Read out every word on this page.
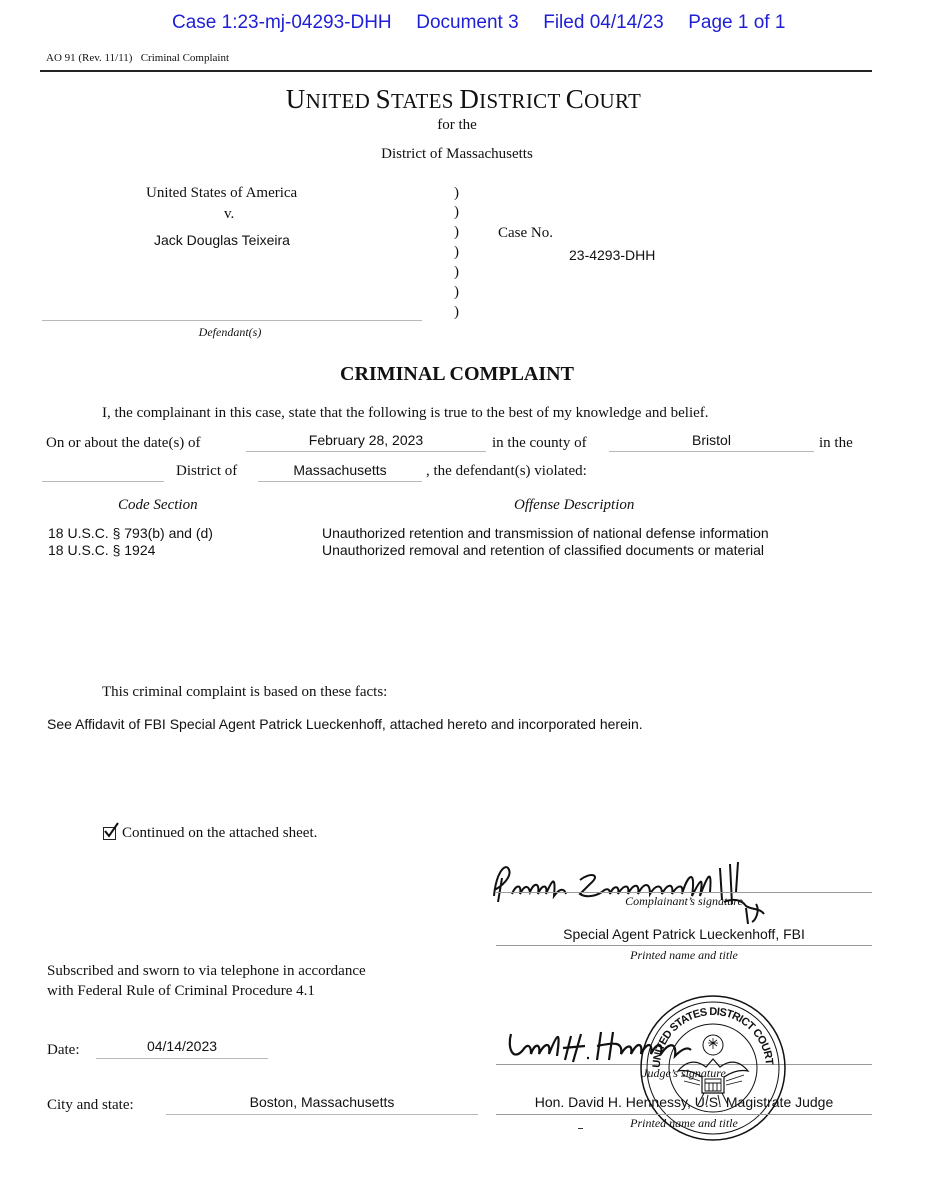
Case 1:23-mj-04293-DHH Document 3 Filed 04/14/23 Page 1 of 1
AO 91 (Rev. 11/11)   Criminal Complaint
UNITED STATES DISTRICT COURT
for the
District of Massachusetts
United States of America
v.
Jack Douglas Teixeira
Defendant(s)
)
)
)
)
)
)
)
Case No.
23-4293-DHH
CRIMINAL COMPLAINT
I, the complainant in this case, state that the following is true to the best of my knowledge and belief.
On or about the date(s) of	February 28, 2023	in the county of	Bristol	in the
District of	Massachusetts	, the defendant(s) violated:
Code Section	Offense Description
18 U.S.C. § 793(b) and (d)	Unauthorized retention and transmission of national defense information
18 U.S.C. § 1924	Unauthorized removal and retention of classified documents or material
This criminal complaint is based on these facts:
See Affidavit of FBI Special Agent Patrick Lueckenhoff, attached hereto and incorporated herein.
Continued on the attached sheet.
Complainant’s signature
Special Agent Patrick Lueckenhoff, FBI
Printed name and title
Subscribed and sworn to via telephone in accordance
with Federal Rule of Criminal Procedure 4.1
Date:	04/14/2023
Judge’s signature
UNITED STATES DISTRICT COURT
City and state:	Boston, Massachusetts	Hon. David H. Hennessy, U.S. Magistrate Judge
Printed name and title
